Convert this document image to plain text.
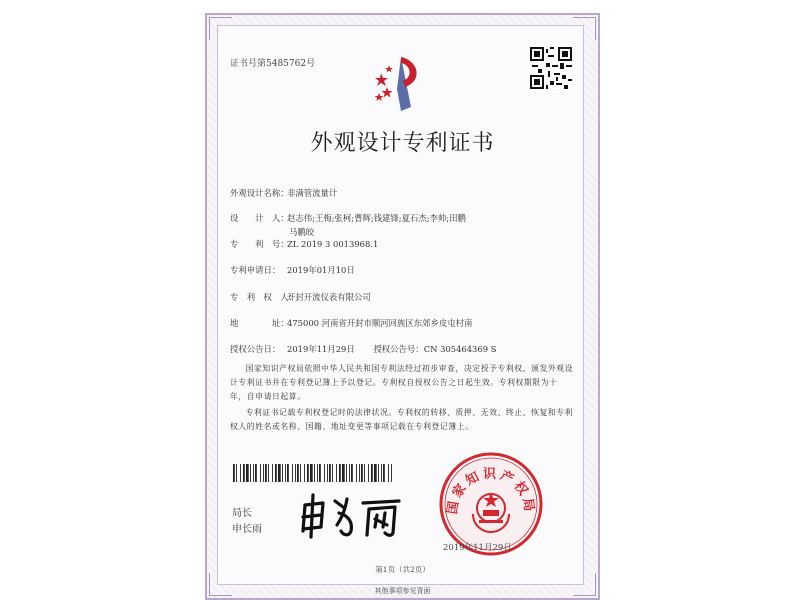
证书号第5485762号
外观设计专利证书
外观设计名称：非满管流量计
设　　计　人：赵志伟;王梅;张柯;曹辉;钱建锋;夏石杰;李帅;田鹏
马鹏皎
专　　利　号：ZL 2019 3 0013968.1
专利申请日： 2019年01月10日
专　利　权　人：开封开流仪表有限公司
地　　　　址：475000 河南省开封市顺河回族区东郊乡皮屯村南
授权公告日： 2019年11月29日 授权公告号：CN 305464369 S
国家知识产权局依照中华人民共和国专利法经过初步审查，决定授予专利权，颁发外观设计专利证书并在专利登记簿上予以登记。专利权自授权公告之日起生效。专利权期限为十年，自申请日起算。
专利证书记载专利权登记时的法律状况。专利权的转移、质押、无效、终止、恢复和专利权人的姓名或名称、国籍、地址变更等事项记载在专利登记簿上。
局长
申长雨
国家知识产权局
2019年11月29日
第1页（共2页）
其他事项参见背面
